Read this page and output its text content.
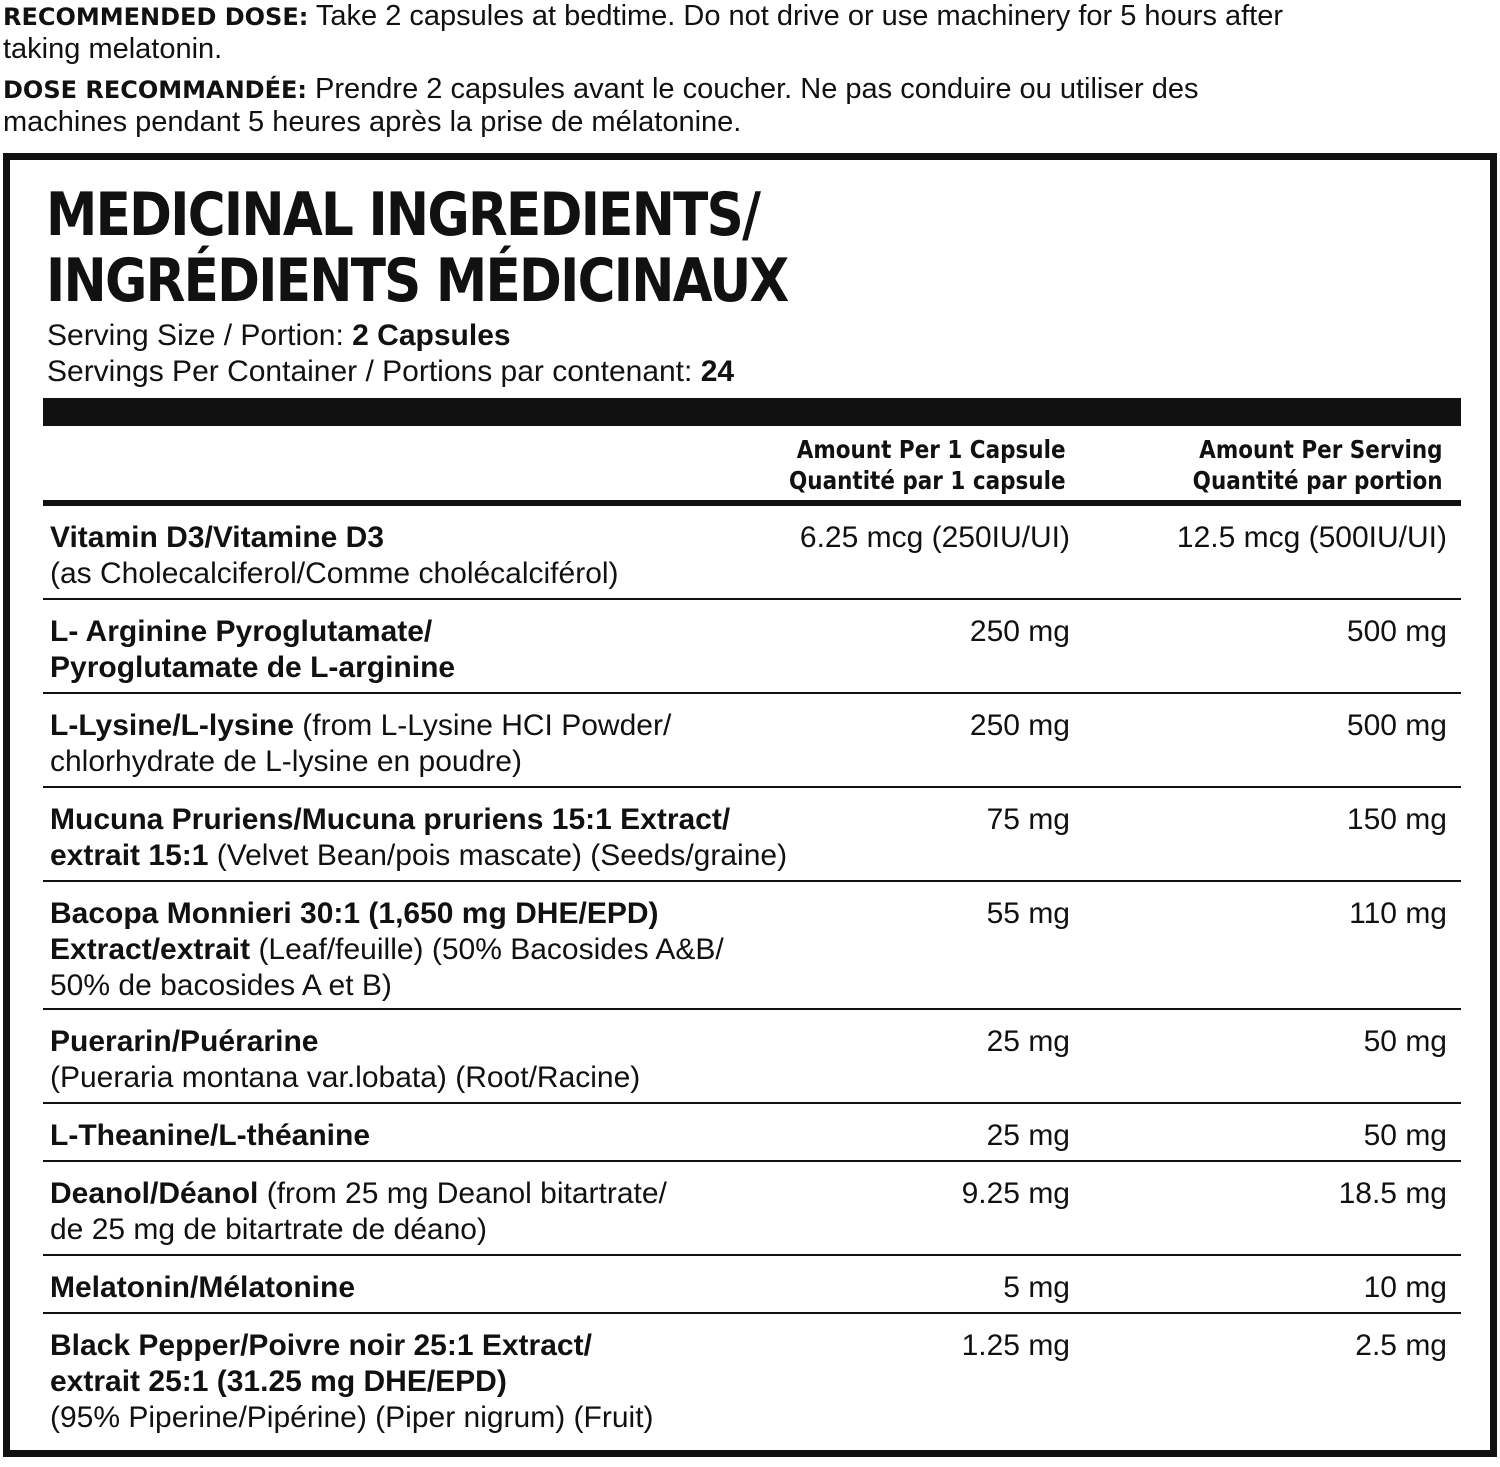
RECOMMENDED DOSE: Take 2 capsules at bedtime. Do not drive or use machinery for 5 hours after
taking melatonin.
DOSE RECOMMANDÉE: Prendre 2 capsules avant le coucher. Ne pas conduire ou utiliser des
machines pendant 5 heures après la prise de mélatonine.
MEDICINAL INGREDIENTS/
INGRÉDIENTS MÉDICINAUX
Serving Size / Portion: 2 Capsules
Servings Per Container / Portions par contenant: 24
Amount Per 1 Capsule
Quantité par 1 capsule
Amount Per Serving
Quantité par portion
Vitamin D3/Vitamine D3
(as Cholecalciferol/Comme cholécalciférol)
6.25 mcg (250IU/UI)	12.5 mcg (500IU/UI)
L- Arginine Pyroglutamate/
Pyroglutamate de L-arginine
250 mg	500 mg
L-Lysine/L-lysine (from L-Lysine HCI Powder/
chlorhydrate de L-lysine en poudre)
250 mg	500 mg
Mucuna Pruriens/Mucuna pruriens 15:1 Extract/
extrait 15:1 (Velvet Bean/pois mascate) (Seeds/graine)
75 mg	150 mg
Bacopa Monnieri 30:1 (1,650 mg DHE/EPD)
Extract/extrait (Leaf/feuille) (50% Bacosides A&B/
50% de bacosides A et B)
55 mg	110 mg
Puerarin/Puérarine
(Pueraria montana var.lobata) (Root/Racine)
25 mg	50 mg
L-Theanine/L-théanine	25 mg	50 mg
Deanol/Déanol (from 25 mg Deanol bitartrate/
de 25 mg de bitartrate de déano)
9.25 mg	18.5 mg
Melatonin/Mélatonine	5 mg	10 mg
Black Pepper/Poivre noir 25:1 Extract/
extrait 25:1 (31.25 mg DHE/EPD)
(95% Piperine/Pipérine) (Piper nigrum) (Fruit)
1.25 mg	2.5 mg
